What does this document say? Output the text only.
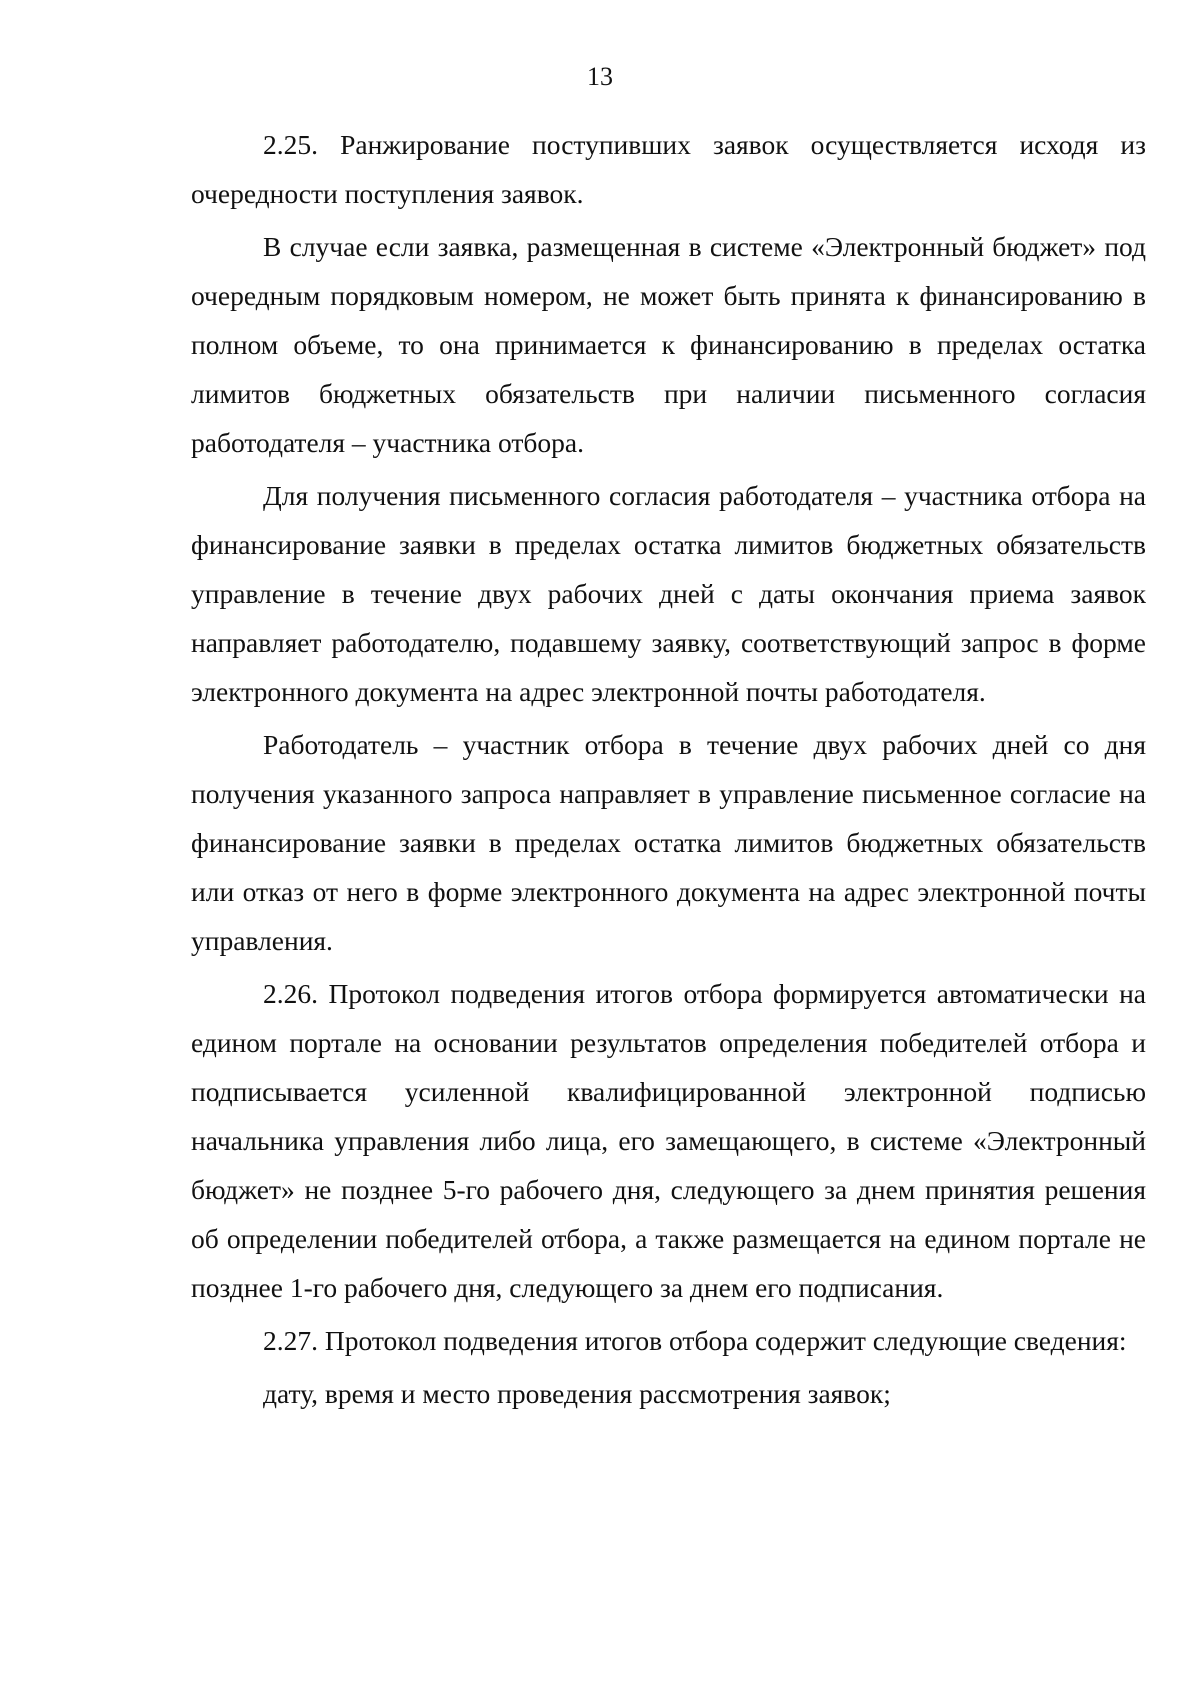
13

2.25. Ранжирование поступивших заявок осуществляется исходя из очередности поступления заявок.

В случае если заявка, размещенная в системе «Электронный бюджет» под очередным порядковым номером, не может быть принята к финансированию в полном объеме, то она принимается к финансированию в пределах остатка лимитов бюджетных обязательств при наличии письменного согласия работодателя – участника отбора.

Для получения письменного согласия работодателя – участника отбора на финансирование заявки в пределах остатка лимитов бюджетных обязательств управление в течение двух рабочих дней с даты окончания приема заявок направляет работодателю, подавшему заявку, соответствующий запрос в форме электронного документа на адрес электронной почты работодателя.

Работодатель – участник отбора в течение двух рабочих дней со дня получения указанного запроса направляет в управление письменное согласие на финансирование заявки в пределах остатка лимитов бюджетных обязательств или отказ от него в форме электронного документа на адрес электронной почты управления.

2.26. Протокол подведения итогов отбора формируется автоматически на едином портале на основании результатов определения победителей отбора и подписывается усиленной квалифицированной электронной подписью начальника управления либо лица, его замещающего, в системе «Электронный бюджет» не позднее 5-го рабочего дня, следующего за днем принятия решения об определении победителей отбора, а также размещается на едином портале не позднее 1-го рабочего дня, следующего за днем его подписания.

2.27. Протокол подведения итогов отбора содержит следующие сведения:

дату, время и место проведения рассмотрения заявок;
